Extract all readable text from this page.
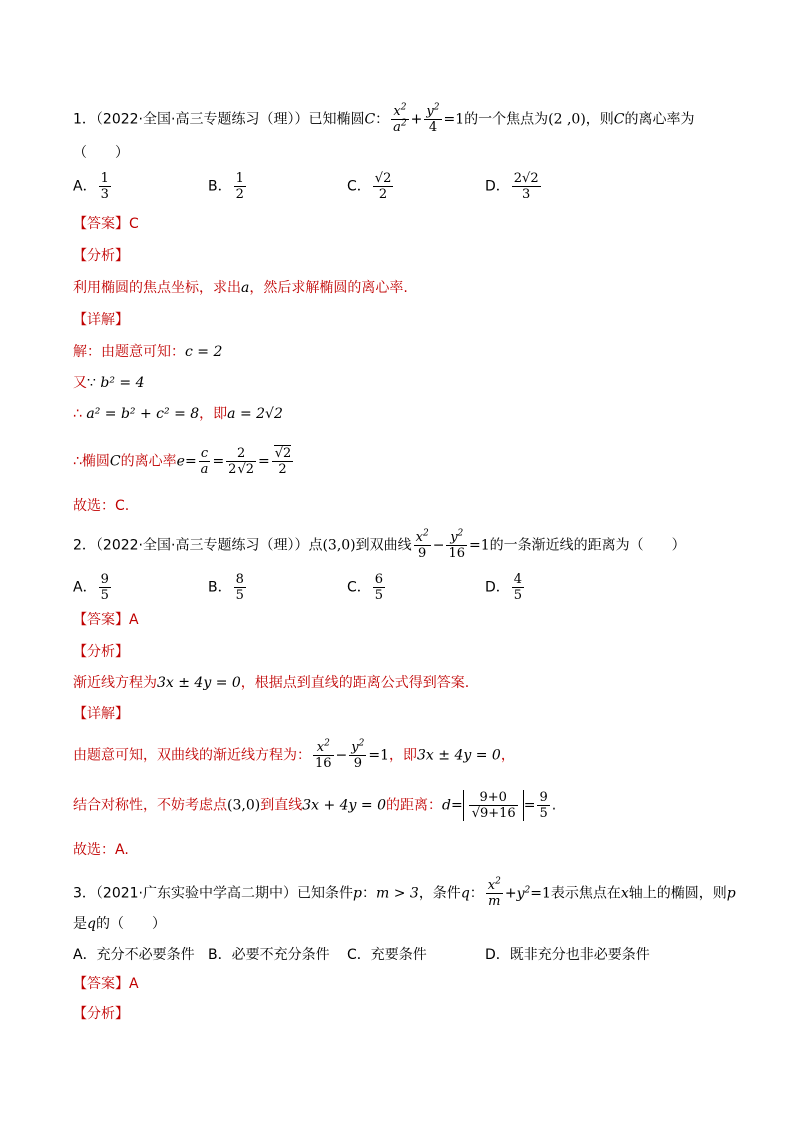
1．（2022·全国·高三专题练习（理））已知椭圆C： $\frac{x^2}{a^2} + \frac{y^2}{4} =1$的一个焦点为(2 ,0)，则C的离心率为
（　　）
A． $\frac{1}{3}$	B． $\frac{1}{2}$	C． $\frac{√2}{2}$	D． $\frac{2√2}{3}$
【答案】C
【分析】
利用椭圆的焦点坐标，求出a，然后求解椭圆的离心率.
【详解】
解：由题意可知：c = 2
又∵ b² = 4
∴ a² = b² + c² = 8，即a = 2√2
∴椭圆C的离心率$e= \frac{c}{a} = \frac{2}{2√2} = \frac{√2}{2}$
故选：C.
2．（2022·全国·高三专题练习（理））点(3,0)到双曲线 $\frac{x^2}{9} - \frac{y^2}{16} =1$的一条渐近线的距离为（　　）
A． $\frac{9}{5}$	B． $\frac{8}{5}$	C． $\frac{6}{5}$	D． $\frac{4}{5}$
【答案】A
【分析】
渐近线方程为3x ± 4y = 0，根据点到直线的距离公式得到答案.
【详解】
由题意可知，双曲线的渐近线方程为： $\frac{x^2}{16} - \frac{y^2}{9} =1$，即3x ± 4y = 0，
结合对称性，不妨考虑点(3,0)到直线3x + 4y = 0的距离：$d= \frac{9+0}{√9+16} = \frac{9}{5}$ .
故选：A.
3．（2021·广东实验中学高二期中）已知条件p：m > 3，条件q： $\frac{x^2}{m} +y^2=1$表示焦点在x轴上的椭圆，则p
是q的（　　）
A．充分不必要条件 B．必要不充分条件 C．充要条件	D．既非充分也非必要条件
【答案】A
【分析】
